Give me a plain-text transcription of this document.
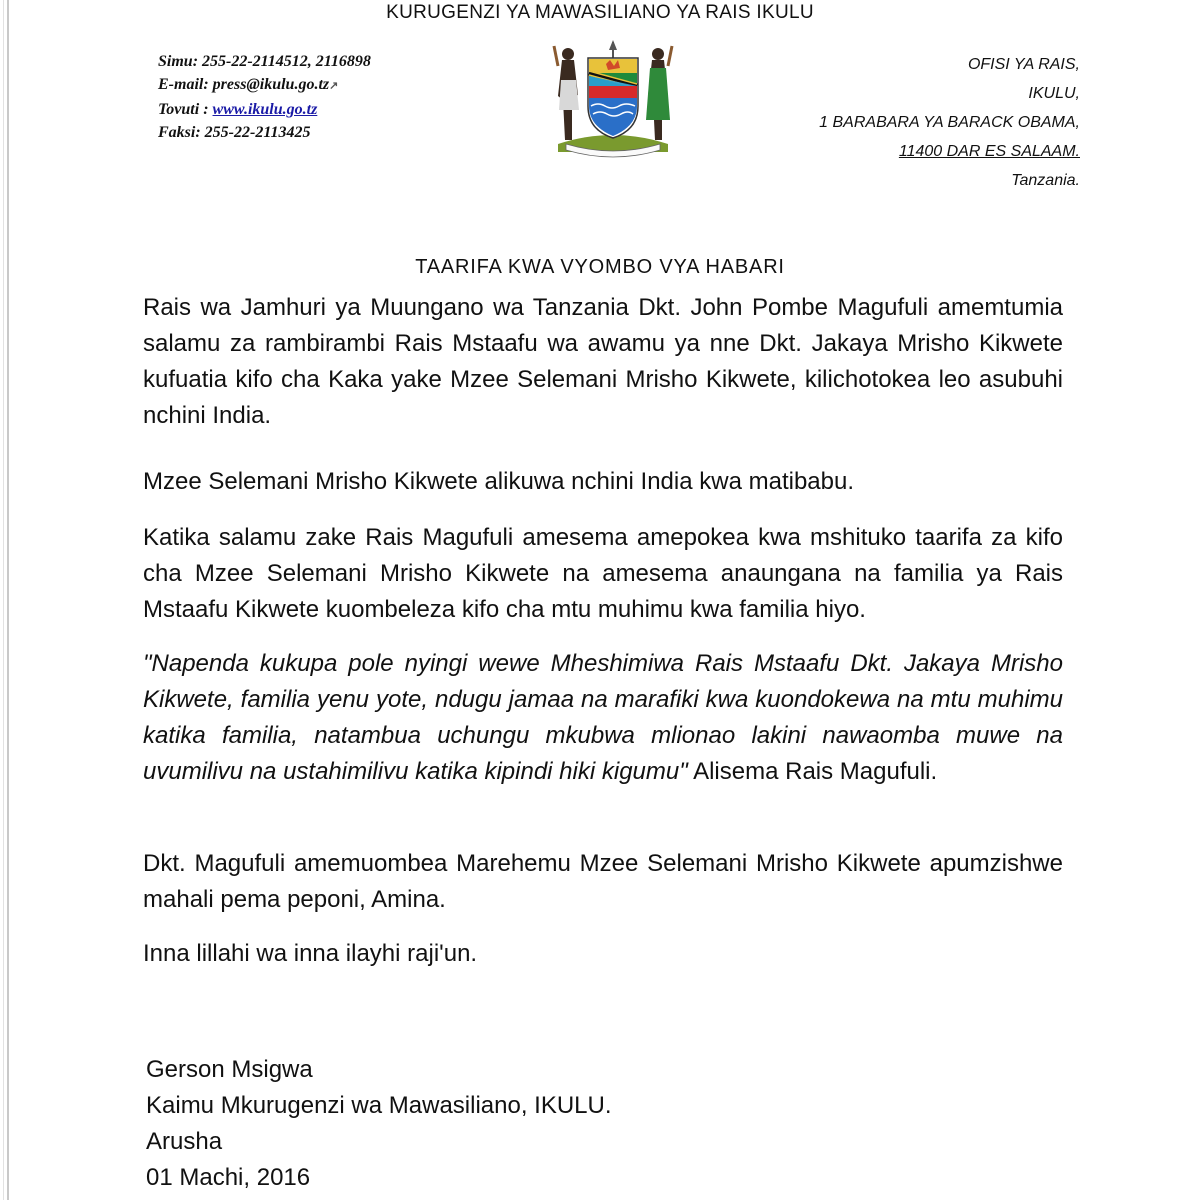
KURUGENZI YA MAWASILIANO YA RAIS IKULU
Simu: 255-22-2114512, 2116898
E-mail: press@ikulu.go.tz↗
Tovuti : www.ikulu.go.tz
Faksi: 255-22-2113425
OFISI YA RAIS,
IKULU,
1 BARABARA YA BARACK OBAMA,
11400 DAR ES SALAAM.
Tanzania.
TAARIFA KWA VYOMBO VYA HABARI

Rais wa Jamhuri ya Muungano wa Tanzania Dkt. John Pombe Magufuli amemtumia salamu za rambirambi Rais Mstaafu wa awamu ya nne Dkt. Jakaya Mrisho Kikwete kufuatia kifo cha Kaka yake Mzee Selemani Mrisho Kikwete, kilichotokea leo asubuhi nchini India.

Mzee Selemani Mrisho Kikwete alikuwa nchini India kwa matibabu.

Katika salamu zake Rais Magufuli amesema amepokea kwa mshituko taarifa za kifo cha Mzee Selemani Mrisho Kikwete na amesema anaungana na familia ya Rais Mstaafu Kikwete kuombeleza kifo cha mtu muhimu kwa familia hiyo.

"Napenda kukupa pole nyingi wewe Mheshimiwa Rais Mstaafu Dkt. Jakaya Mrisho Kikwete, familia yenu yote, ndugu jamaa na marafiki kwa kuondokewa na mtu muhimu katika familia, natambua uchungu mkubwa mlionao lakini nawaomba muwe na uvumilivu na ustahimilivu katika kipindi hiki kigumu" Alisema Rais Magufuli.

Dkt. Magufuli amemuombea Marehemu Mzee Selemani Mrisho Kikwete apumzishwe mahali pema peponi, Amina.

Inna lillahi wa inna ilayhi raji'un.

Gerson Msigwa
Kaimu Mkurugenzi wa Mawasiliano, IKULU.
Arusha
01 Machi, 2016
